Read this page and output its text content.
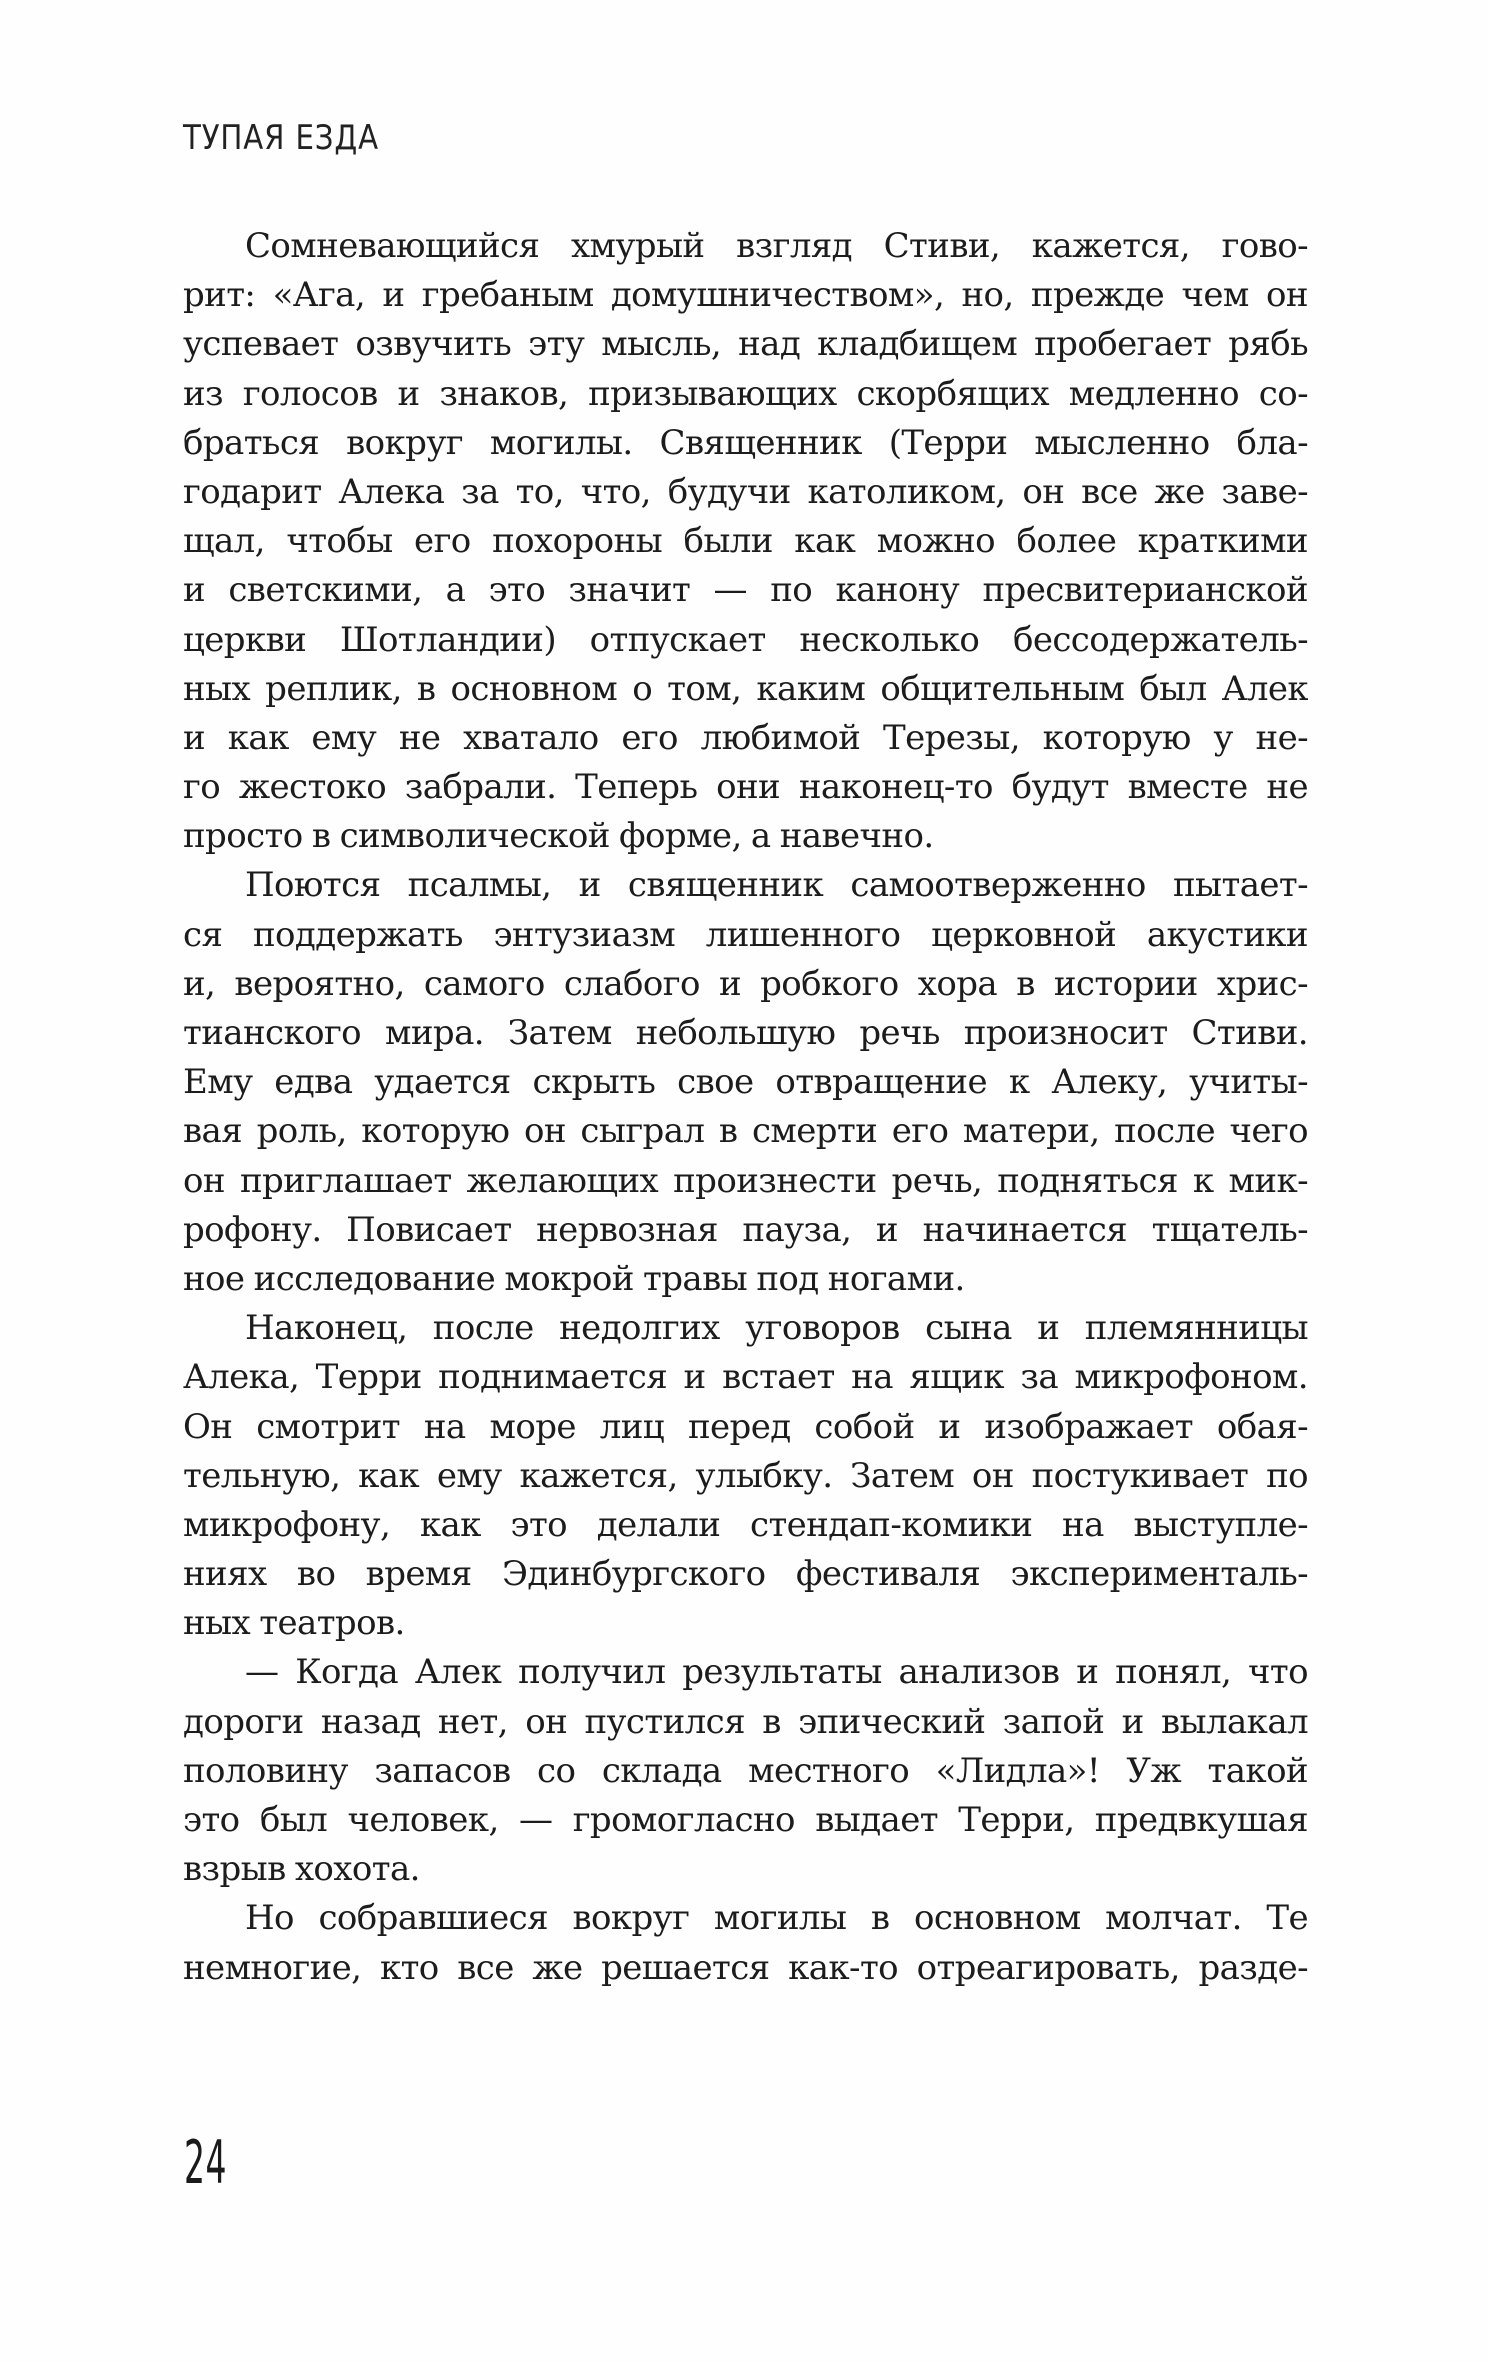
ТУПАЯ ЕЗДА
Сомневающийся хмурый взгляд Стиви, кажется, гово-
рит: «Ага, и гребаным домушничеством», но, прежде чем он
успевает озвучить эту мысль, над кладбищем пробегает рябь
из голосов и знаков, призывающих скорбящих медленно со-
браться вокруг могилы. Священник (Терри мысленно бла-
годарит Алека за то, что, будучи католиком, он все же заве-
щал, чтобы его похороны были как можно более краткими
и светскими, а это значит — по канону пресвитерианской
церкви Шотландии) отпускает несколько бессодержатель-
ных реплик, в основном о том, каким общительным был Алек
и как ему не хватало его любимой Терезы, которую у не-
го жестоко забрали. Теперь они наконец-то будут вместе не
просто в символической форме, а навечно.
Поются псалмы, и священник самоотверженно пытает-
ся поддержать энтузиазм лишенного церковной акустики
и, вероятно, самого слабого и робкого хора в истории хрис-
тианского мира. Затем небольшую речь произносит Стиви.
Ему едва удается скрыть свое отвращение к Алеку, учиты-
вая роль, которую он сыграл в смерти его матери, после чего
он приглашает желающих произнести речь, подняться к мик-
рофону. Повисает нервозная пауза, и начинается тщатель-
ное исследование мокрой травы под ногами.
Наконец, после недолгих уговоров сына и племянницы
Алека, Терри поднимается и встает на ящик за микрофоном.
Он смотрит на море лиц перед собой и изображает обая-
тельную, как ему кажется, улыбку. Затем он постукивает по
микрофону, как это делали стендап-комики на выступле-
ниях во время Эдинбургского фестиваля эксперименталь-
ных театров.
— Когда Алек получил результаты анализов и понял, что
дороги назад нет, он пустился в эпический запой и вылакал
половину запасов со склада местного «Лидла»! Уж такой
это был человек, — громогласно выдает Терри, предвкушая
взрыв хохота.
Но собравшиеся вокруг могилы в основном молчат. Те
немногие, кто все же решается как-то отреагировать, разде-
24
